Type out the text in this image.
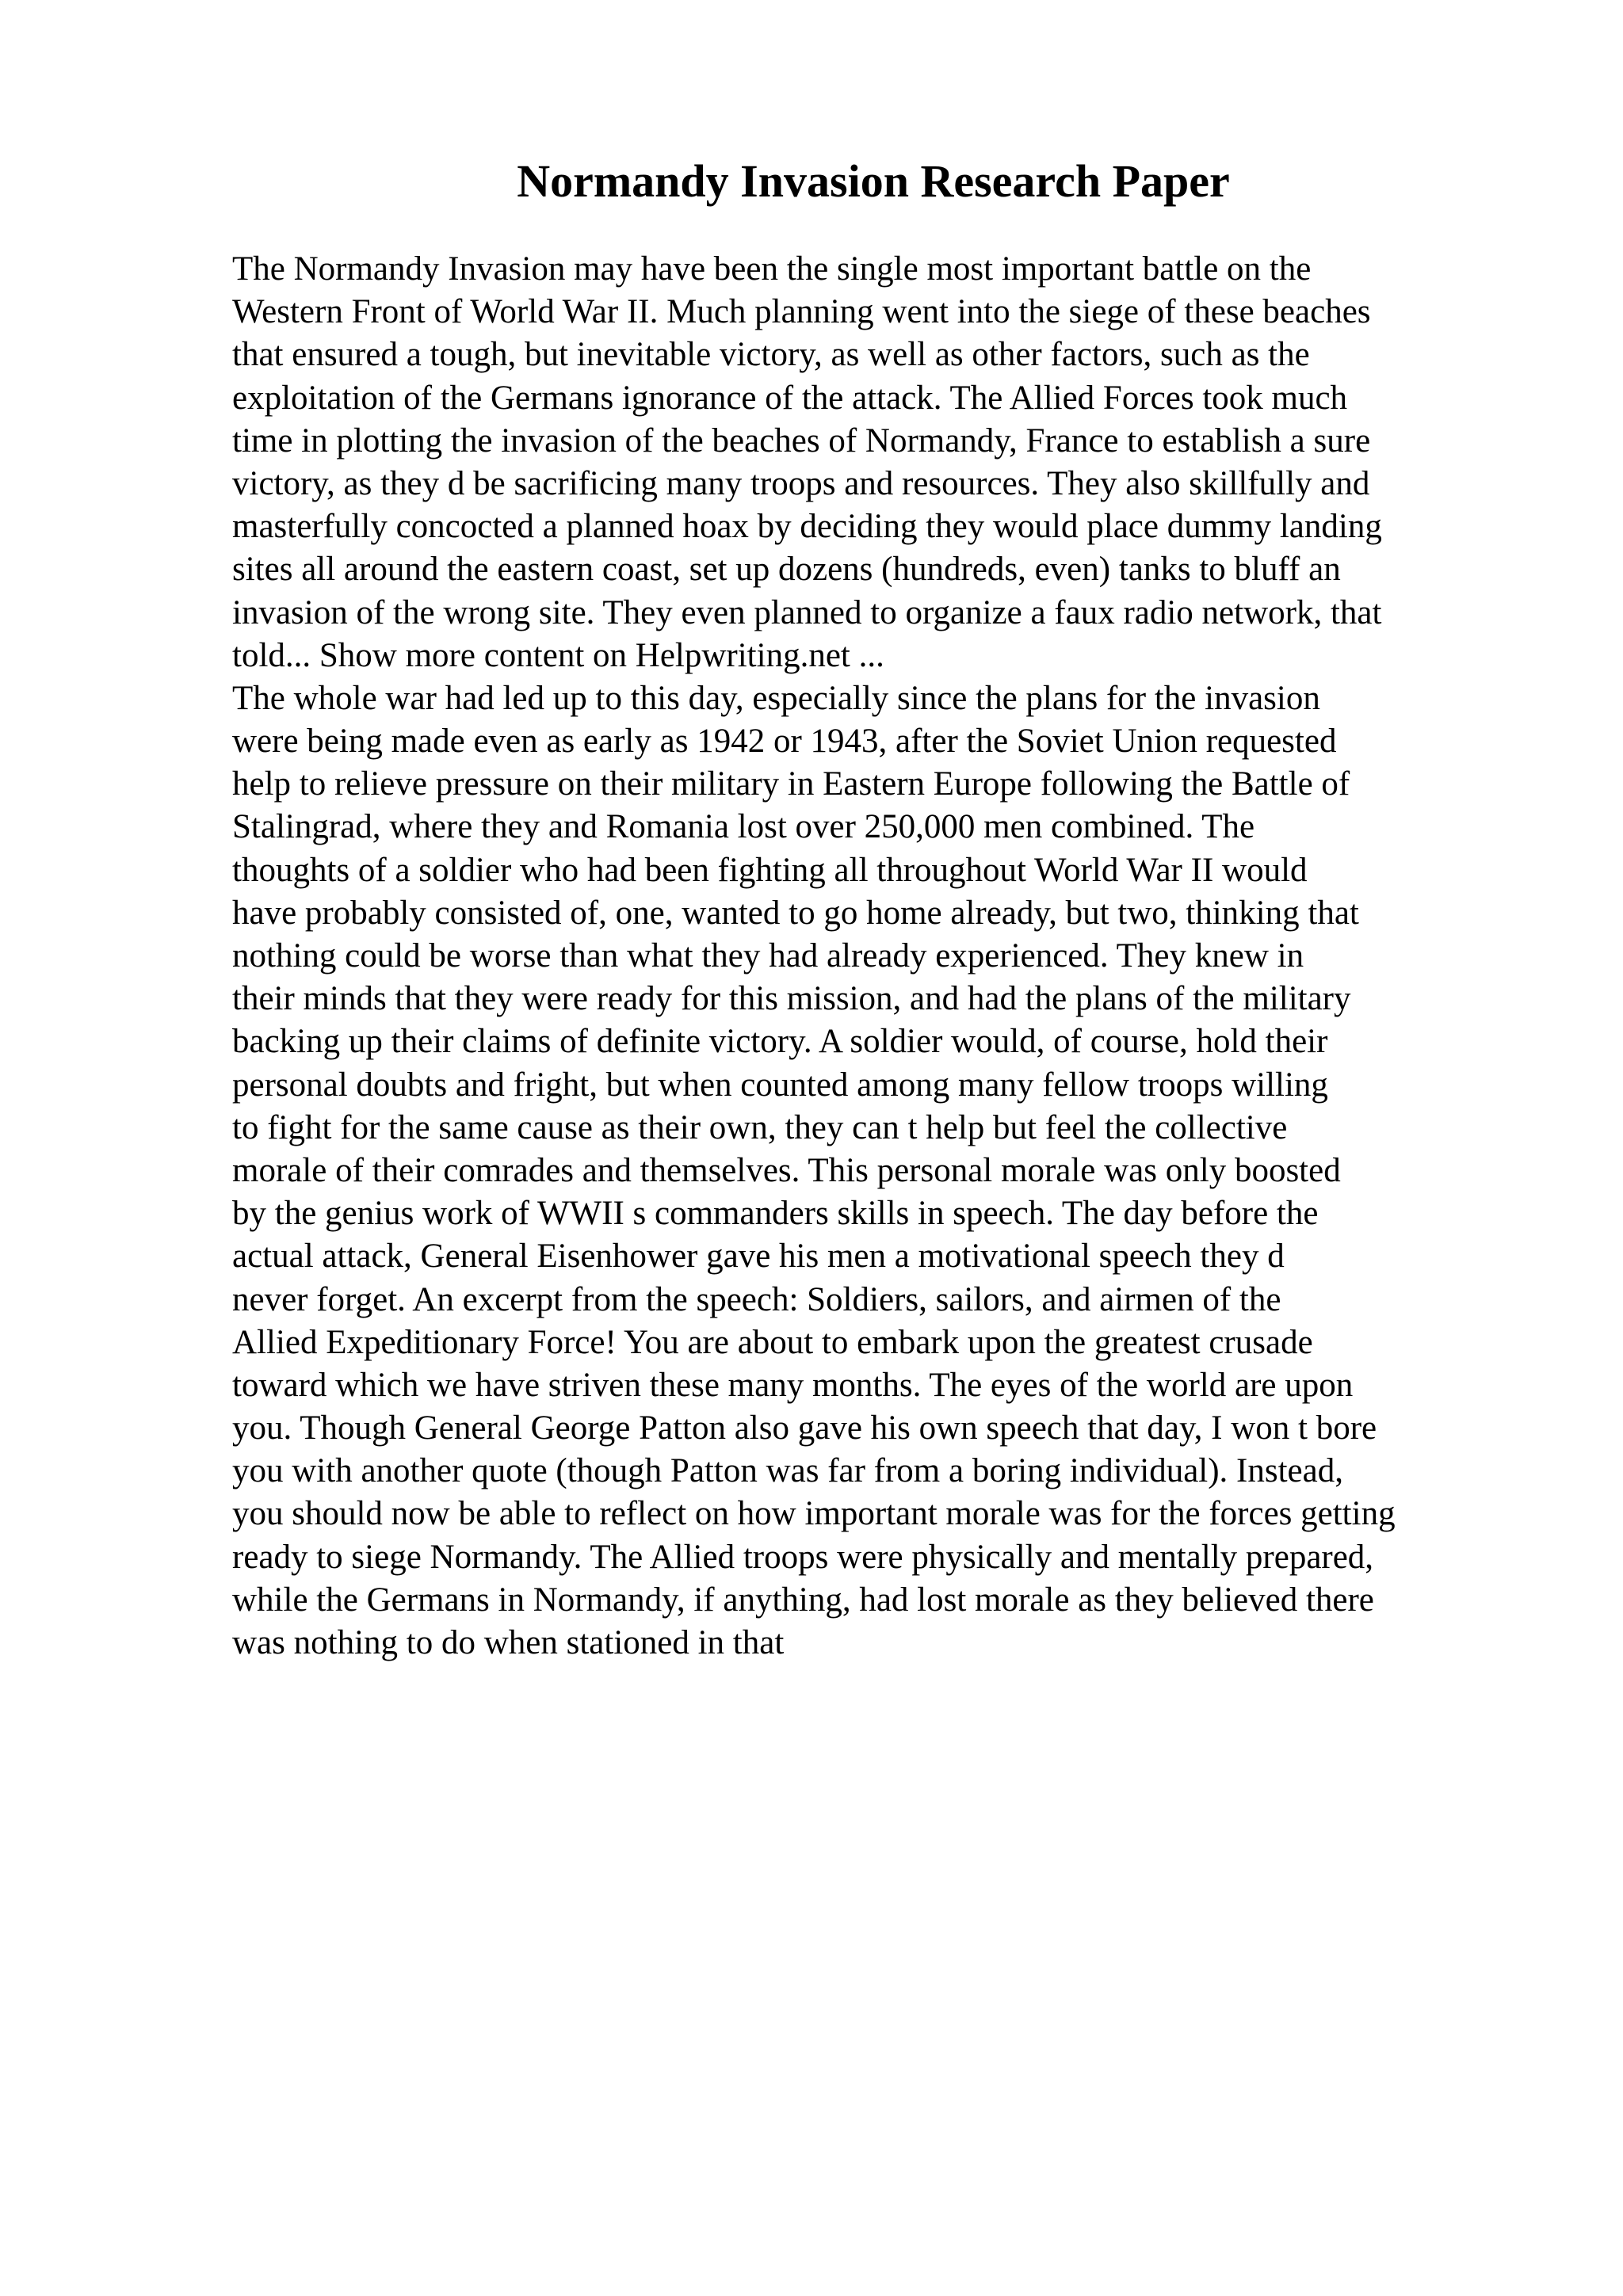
Normandy Invasion Research Paper
The Normandy Invasion may have been the single most important battle on the
Western Front of World War II. Much planning went into the siege of these beaches
that ensured a tough, but inevitable victory, as well as other factors, such as the
exploitation of the Germans ignorance of the attack. The Allied Forces took much
time in plotting the invasion of the beaches of Normandy, France to establish a sure
victory, as they d be sacrificing many troops and resources. They also skillfully and
masterfully concocted a planned hoax by deciding they would place dummy landing
sites all around the eastern coast, set up dozens (hundreds, even) tanks to bluff an
invasion of the wrong site. They even planned to organize a faux radio network, that
told... Show more content on Helpwriting.net ...
The whole war had led up to this day, especially since the plans for the invasion
were being made even as early as 1942 or 1943, after the Soviet Union requested
help to relieve pressure on their military in Eastern Europe following the Battle of
Stalingrad, where they and Romania lost over 250,000 men combined. The
thoughts of a soldier who had been fighting all throughout World War II would
have probably consisted of, one, wanted to go home already, but two, thinking that
nothing could be worse than what they had already experienced. They knew in
their minds that they were ready for this mission, and had the plans of the military
backing up their claims of definite victory. A soldier would, of course, hold their
personal doubts and fright, but when counted among many fellow troops willing
to fight for the same cause as their own, they can t help but feel the collective
morale of their comrades and themselves. This personal morale was only boosted
by the genius work of WWII s commanders skills in speech. The day before the
actual attack, General Eisenhower gave his men a motivational speech they d
never forget. An excerpt from the speech: Soldiers, sailors, and airmen of the
Allied Expeditionary Force! You are about to embark upon the greatest crusade
toward which we have striven these many months. The eyes of the world are upon
you. Though General George Patton also gave his own speech that day, I won t bore
you with another quote (though Patton was far from a boring individual). Instead,
you should now be able to reflect on how important morale was for the forces getting
ready to siege Normandy. The Allied troops were physically and mentally prepared,
while the Germans in Normandy, if anything, had lost morale as they believed there
was nothing to do when stationed in that
